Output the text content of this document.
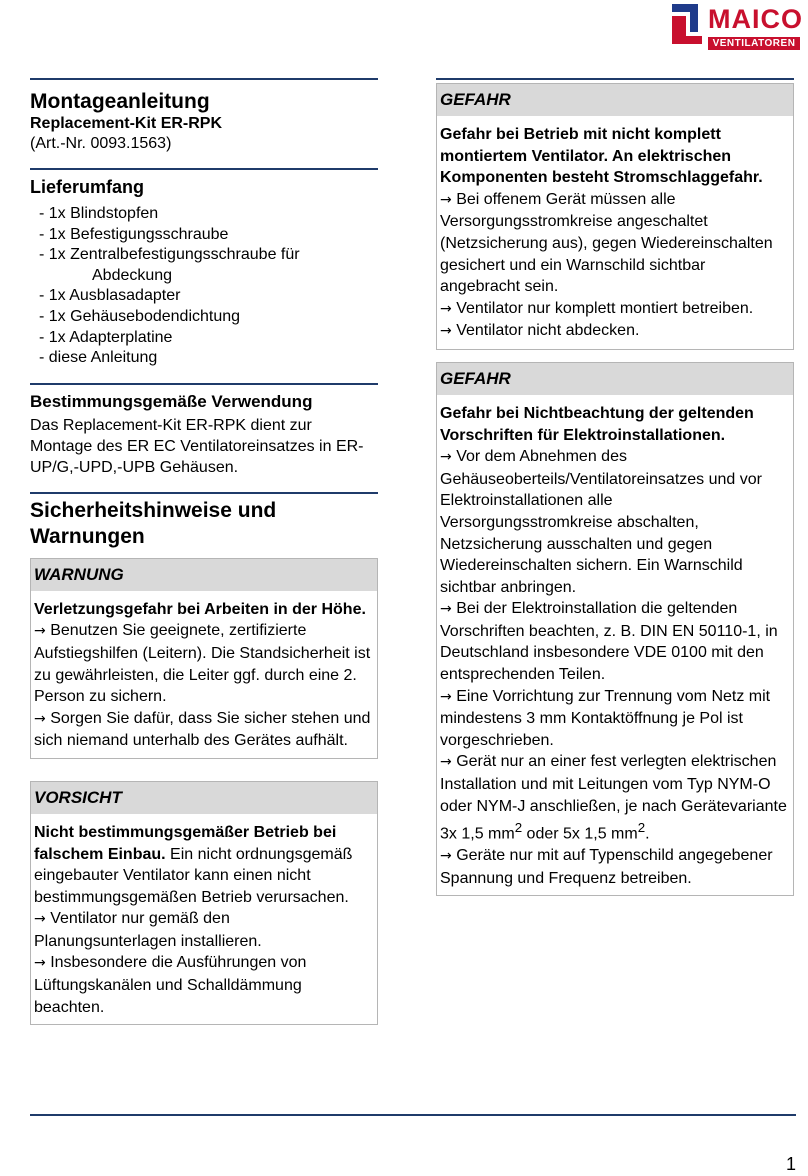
MAICO
VENTILATOREN
Montageanleitung
Replacement-Kit ER-RPK
(Art.-Nr. 0093.1563)
Lieferumfang
- 1x Blindstopfen
- 1x Befestigungsschraube
- 1x Zentralbefestigungsschraube für
Abdeckung
- 1x Ausblasadapter
- 1x Gehäusebodendichtung
- 1x Adapterplatine
- diese Anleitung
Bestimmungsgemäße Verwendung
Das Replacement-Kit ER-RPK dient zur Montage des ER EC Ventilatoreinsatzes in ER-UP/G,-UPD,-UPB Gehäusen.
Sicherheitshinweise und Warnungen
WARNUNG
Verletzungsgefahr bei Arbeiten in der Höhe.
→ Benutzen Sie geeignete, zertifizierte Aufstiegshilfen (Leitern). Die Standsicherheit ist zu gewährleisten, die Leiter ggf. durch eine 2. Person zu sichern.
→ Sorgen Sie dafür, dass Sie sicher stehen und sich niemand unterhalb des Gerätes aufhält.
VORSICHT
Nicht bestimmungsgemäßer Betrieb bei falschem Einbau. Ein nicht ordnungsgemäß eingebauter Ventilator kann einen nicht bestimmungsgemäßen Betrieb verursachen.
→ Ventilator nur gemäß den Planungsunterlagen installieren.
→ Insbesondere die Ausführungen von Lüftungskanälen und Schalldämmung beachten.
GEFAHR
Gefahr bei Betrieb mit nicht komplett montiertem Ventilator. An elektrischen Komponenten besteht Stromschlaggefahr.
→ Bei offenem Gerät müssen alle Versorgungsstromkreise angeschaltet (Netzsicherung aus), gegen Wiedereinschalten gesichert und ein Warnschild sichtbar angebracht sein.
→ Ventilator nur komplett montiert betreiben.
→ Ventilator nicht abdecken.
GEFAHR
Gefahr bei Nichtbeachtung der geltenden Vorschriften für Elektroinstallationen.
→ Vor dem Abnehmen des Gehäuseoberteils/Ventilatoreinsatzes und vor Elektroinstallationen alle Versorgungsstromkreise abschalten, Netzsicherung ausschalten und gegen Wiedereinschalten sichern. Ein Warnschild sichtbar anbringen.
→ Bei der Elektroinstallation die geltenden Vorschriften beachten, z. B. DIN EN 50110-1, in Deutschland insbesondere VDE 0100 mit den entsprechenden Teilen.
→ Eine Vorrichtung zur Trennung vom Netz mit mindestens 3 mm Kontaktöffnung je Pol ist vorgeschrieben.
→ Gerät nur an einer fest verlegten elektrischen Installation und mit Leitungen vom Typ NYM-O oder NYM-J anschließen, je nach Gerätevariante 3x 1,5 $mm^2$ oder 5x 1,5 $mm^2$.
→ Geräte nur mit auf Typenschild angegebener Spannung und Frequenz betreiben.
1
